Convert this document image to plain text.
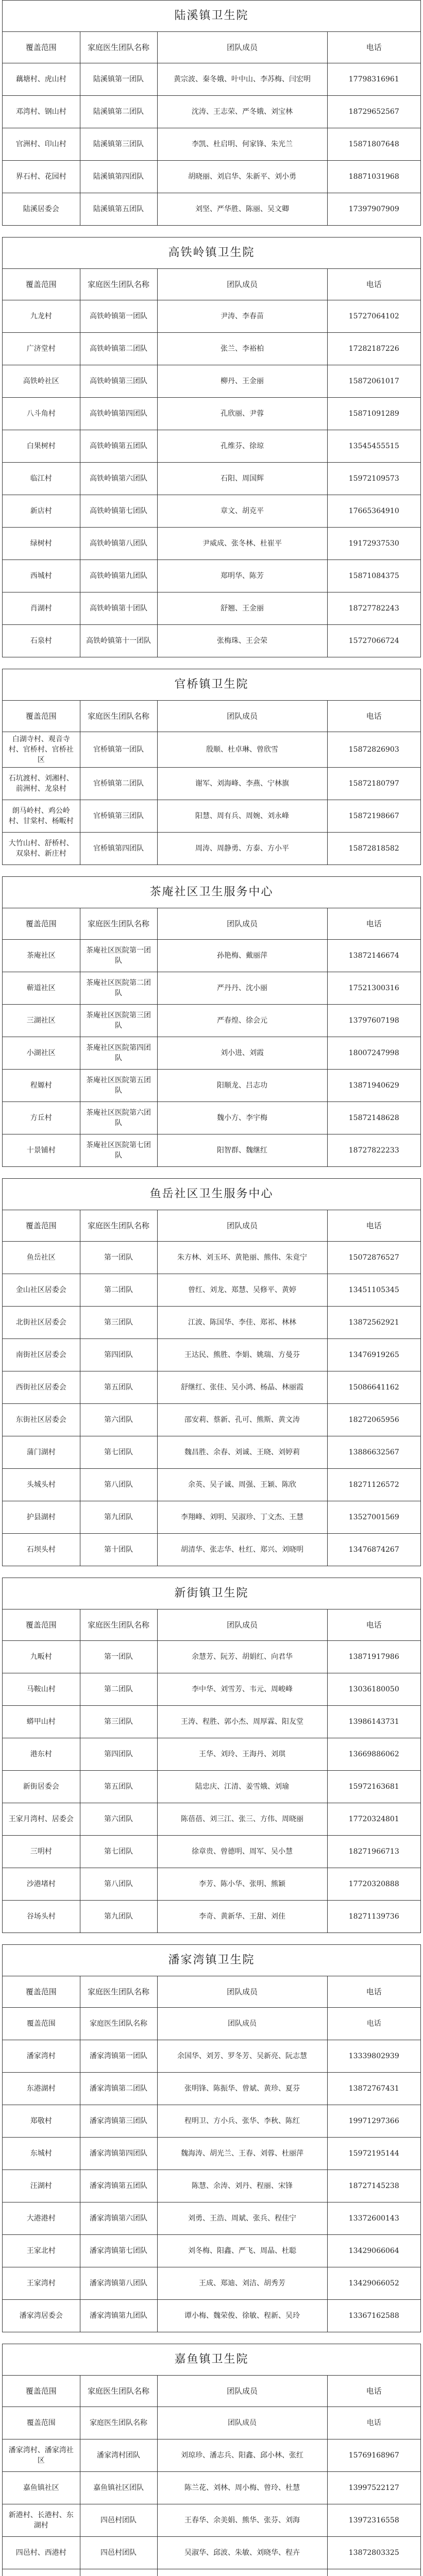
陆溪镇卫生院
覆盖范围	家庭医生团队名称	团队成员	电话
藕塘村、虎山村	陆溪镇第一团队	黄宗波、秦冬娥、叶中山、李苏梅、闫宏明	17798316961
邓湾村、钢山村	陆溪镇第二团队	沈涛、王志荣、严冬娥、刘宝林	18729652567
官洲村、印山村	陆溪镇第三团队	李凯、杜启明、何家锋、朱光兰	15871807648
界石村、花园村	陆溪镇第四团队	胡晓丽、刘启华、朱新平、刘小勇	18871031968
陆溪居委会	陆溪镇第五团队	刘坚、严华胜、陈丽、吴文卿	17397907909
高铁岭镇卫生院
覆盖范围	家庭医生团队名称	团队成员	电话
九龙村	高铁岭镇第一团队	尹涛、李春苗	15727064102
广济堂村	高铁岭镇第二团队	张兰、李裕柏	17282187226
高铁岭社区	高铁岭镇第三团队	柳丹、王金丽	15872061017
八斗角村	高铁岭镇第四团队	孔欣丽、尹蓉	15871091289
白果树村	高铁岭镇第五团队	孔维芬、徐琼	13545455515
临江村	高铁岭镇第六团队	石阳、周国辉	15972109573
新店村	高铁岭镇第七团队	章文、胡克平	17665364910
绿树村	高铁岭镇第八团队	尹威成、张冬林、杜崔平	19172937530
西城村	高铁岭镇第九团队	郑明华、陈芳	15871084375
肖湖村	高铁岭镇第十团队	舒翘、王金丽	18727782243
石泉村	高铁岭镇第十一团队	张梅珠、王会荣	15727066724
官桥镇卫生院
覆盖范围	家庭医生团队名称	团队成员	电话
白湖寺村、观音寺村、官桥村、官桥社区	官桥镇第一团队	殷顺、杜卓琳、曾欣雪	15872826903
石坑渡村、刘湘村、前洲村、龙泉村	官桥镇第二团队	谢军、刘海峰、李燕、宁林旗	15872180797
朗马岭村、鸡公岭村、甘棠村、杨畈村	官桥镇第三团队	阳慧、周有兵、周婉、刘永峰	15872198667
大竹山村、舒桥村、双泉村、新庄村	官桥镇第四团队	周涛、周静勇、方泰、方小平	15872818582
茶庵社区卫生服务中心
覆盖范围	家庭医生团队名称	团队成员	电话
茶庵社区	茶庵社区医院第一团队	孙艳梅、戴丽萍	13872146674
蕲道社区	茶庵社区医院第二团队	严丹丹、沈小丽	17521300316
三湖社区	茶庵社区医院第三团队	严春煌、徐会元	13797607198
小湖社区	茶庵社区医院第四团队	刘小进、刘霞	18007247998
程嫄村	茶庵社区医院第五团队	阳顺龙、吕志功	13871940629
方丘村	茶庵社区医院第六团队	魏小方、李宇梅	15872148628
十景铺村	茶庵社区医院第七团队	阳智群、魏继红	18727822233
鱼岳社区卫生服务中心
覆盖范围	家庭医生团队名称	团队成员	电话
鱼岳社区	第一团队	朱方林、刘玉环、黄艳丽、熊伟、朱竟宁	15072876527
金山社区居委会	第二团队	曾红、刘龙、郑慧、吴修平、黄婷	13451105345
北街社区居委会	第三团队	江波、陈国华、李佳、郑祁、林林	13872562921
南街社区居委会	第四团队	王达民、熊胜、李娟、姚瑞、方曼芬	13476919265
西街社区居委会	第五团队	舒继红、张佳、吴小鸿、杨晶、林丽霞	15086641162
东街社区居委会	第六团队	邵安莉、蔡新、孔可、熊斯、黄文涛	18272065956
蒲门湖村	第七团队	魏昌胜、余春、刘诚、王晓、刘婷莉	13886632567
头城头村	第八团队	余英、吴子诚、周强、王颖、陈欣	18271126572
护县湖村	第九团队	李翔峰、刘明、吴淑珍、丁文杰、王慧	13527001569
石坝头村	第十团队	胡清华、张志华、杜红、郑兴、刘晓明	13476874267
新街镇卫生院
覆盖范围	家庭医生团队名称	团队成员	电话
九畈村	第一团队	余慧芳、阮芳、胡娟红、向君华	13871917986
马鞍山村	第二团队	李中华、刘雪芳、韦元、周峻峰	13036180050
蟒甲山村	第三团队	王涛、程胜、郭小杰、周厚霖、阳友堂	13986143731
港东村	第四团队	王华、刘玲、王海丹、刘琪	13669886062
新街居委会	第五团队	陆忠庆、江清、姜雪娥、刘瑜	15972163681
王家月湾村、居委会	第六团队	陈蓓蓓、刘三江、张三、方伟、周晓丽	17720324801
三明村	第七团队	徐章贵、曾德明、周军、吴小慧	18271966713
沙港堵村	第八团队	李芳、陈小华、张明、熊颖	17720320888
谷场头村	第九团队	李奇、黄新华、王甜、刘佳	18271139736
潘家湾镇卫生院
覆盖范围	家庭医生团队名称	团队成员	电话
覆盖范围	家庭医生团队名称	团队成员	电话
潘家湾村	潘家湾镇第一团队	余国华、刘芳、罗冬芳、吴新亮、阮志慧	13339802939
东港湖村	潘家湾镇第二团队	张明锋、陈振华、曾斌、黄珍、夏芬	13872767431
郑敬村	潘家湾镇第三团队	程明卫、方小兵、张华、李秋、陈红	19971297366
东城村	潘家湾镇第四团队	魏海涛、胡光兰、王春、刘蓉、杜丽萍	15972195144
汪湖村	潘家湾镇第五团队	陈慧、余涛、刘丹、程丽、宋锋	18727145238
大港港村	潘家湾镇第六团队	刘勇、王浩、周斌、张兵、程佳宁	13372600143
王家北村	潘家湾镇第七团队	刘冬梅、阳鑫、严飞、周晶、杜聪	13429066064
王家湾村	潘家湾镇第八团队	王成、郑迪、刘洁、胡秀芳	13429066052
潘家湾居委会	潘家湾镇第九团队	谭小梅、魏荣俊、徐敏、程新、吴玲	13367162588
嘉鱼镇卫生院
覆盖范围	家庭医生团队名称	团队成员	电话
覆盖范围	家庭医生团队名称	团队成员	电话
潘家湾村、潘家湾社区	潘家湾村团队	刘琼珍、潘志兵、阳鑫、邱小林、张红	15769168967
嘉鱼镇社区	嘉鱼镇社区团队	陈兰花、刘林、周小梅、曾玲、杜慧	13997522127
新港村、长港村、东湖村	四邑村团队	王春华、余美娟、熊华、张芬、刘海	13972316558
四邑村、西港村	四邑村团队	吴淑华、邱波、朱敏、刘晓华、程卉	13872803325
